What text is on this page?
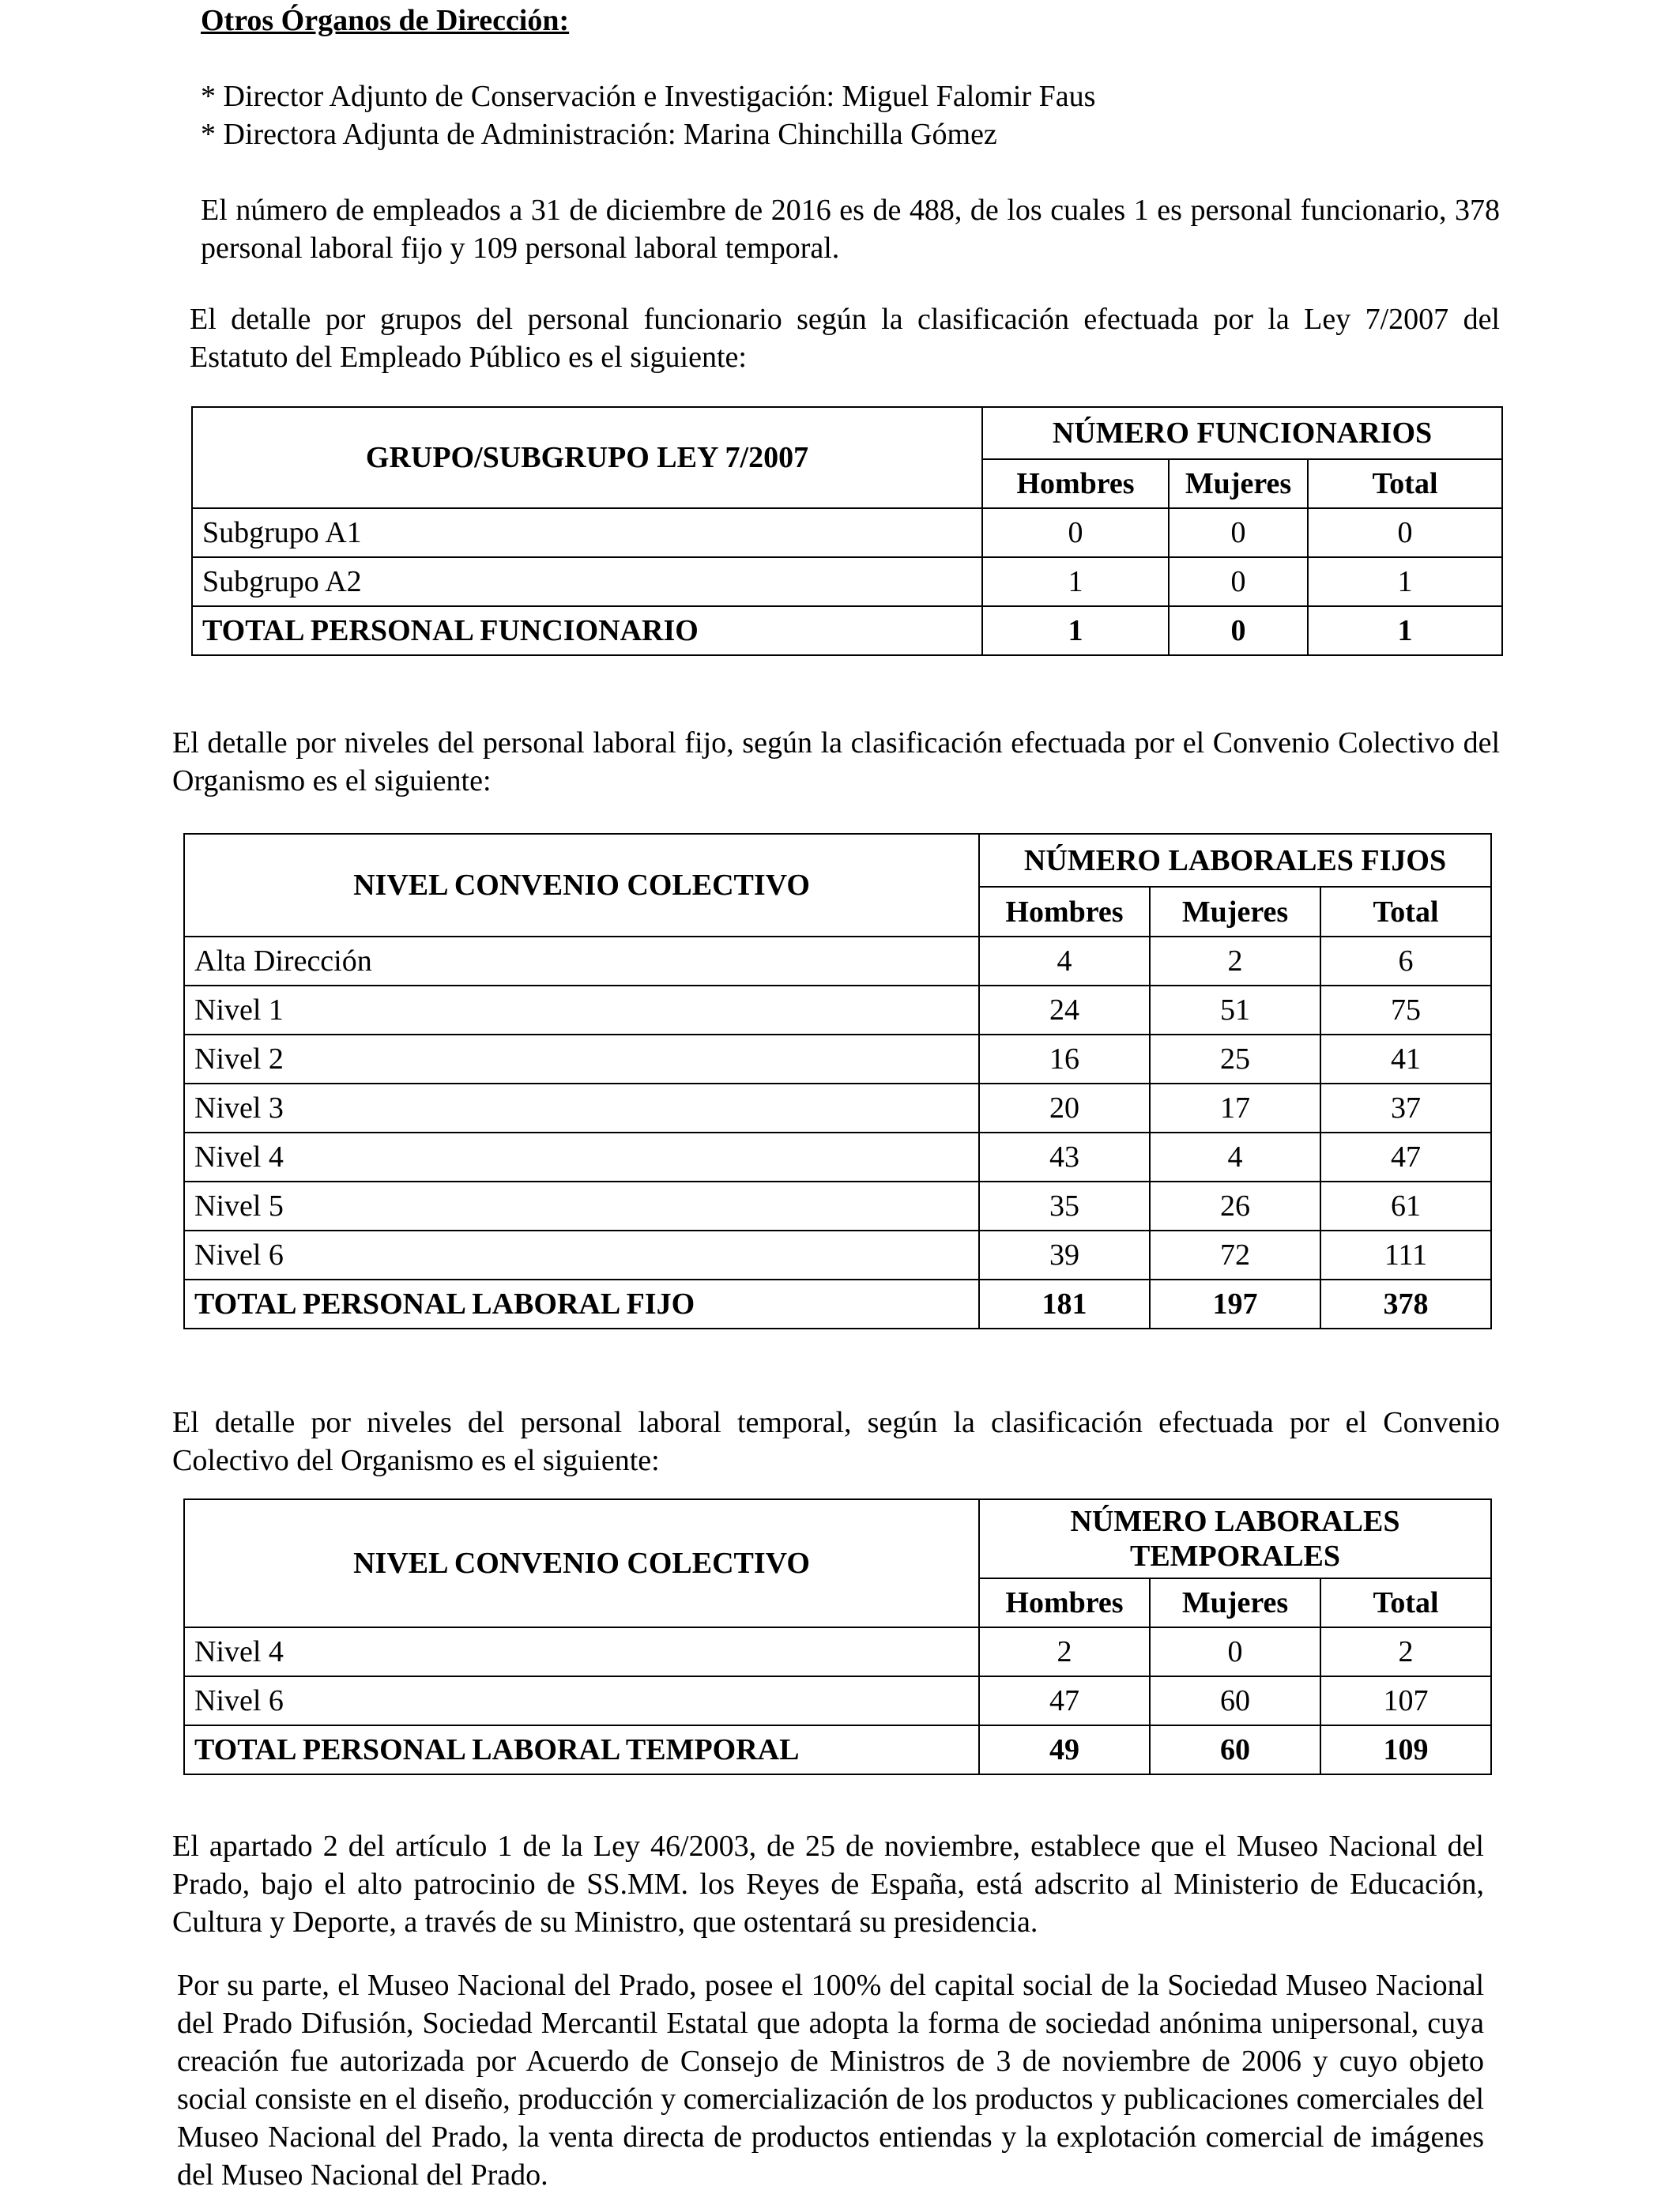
Otros Órganos de Dirección:

* Director Adjunto de Conservación e Investigación: Miguel Falomir Faus

* Directora Adjunta de Administración: Marina Chinchilla Gómez

El número de empleados a 31 de diciembre de 2016 es de 488, de los cuales 1 es personal funcionario, 378 personal laboral fijo y 109 personal laboral temporal.

El detalle por grupos del personal funcionario según la clasificación efectuada por la Ley 7/2007 del Estatuto del Empleado Público es el siguiente:

GRUPO/SUBGRUPO LEY 7/2007	NÚMERO FUNCIONARIOS		
	Hombres	Mujeres	Total
Subgrupo A1	0	0	0
Subgrupo A2	1	0	1
TOTAL PERSONAL FUNCIONARIO	1	0	1

El detalle por niveles del personal laboral fijo, según la clasificación efectuada por el Convenio Colectivo del Organismo es el siguiente:

NIVEL CONVENIO COLECTIVO	NÚMERO LABORALES FIJOS		
	Hombres	Mujeres	Total
Alta Dirección	4	2	6
Nivel 1	24	51	75
Nivel 2	16	25	41
Nivel 3	20	17	37
Nivel 4	43	4	47
Nivel 5	35	26	61
Nivel 6	39	72	111
TOTAL PERSONAL LABORAL FIJO	181	197	378

El detalle por niveles del personal laboral temporal, según la clasificación efectuada por el Convenio Colectivo del Organismo es el siguiente:

NIVEL CONVENIO COLECTIVO	NÚMERO LABORALES TEMPORALES		
	Hombres	Mujeres	Total
Nivel 4	2	0	2
Nivel 6	47	60	107
TOTAL PERSONAL LABORAL TEMPORAL	49	60	109

El apartado 2 del artículo 1 de la Ley 46/2003, de 25 de noviembre, establece que el Museo Nacional del Prado, bajo el alto patrocinio de SS.MM. los Reyes de España, está adscrito al Ministerio de Educación, Cultura y Deporte, a través de su Ministro, que ostentará su presidencia.

Por su parte, el Museo Nacional del Prado, posee el 100% del capital social de la Sociedad Museo Nacional del Prado Difusión, Sociedad Mercantil Estatal que adopta la forma de sociedad anónima unipersonal, cuya creación fue autorizada por Acuerdo de Consejo de Ministros de 3 de noviembre de 2006 y cuyo objeto social consiste en el diseño, producción y comercialización de los productos y publicaciones comerciales del Museo Nacional del Prado, la venta directa de productos entiendas y la explotación comercial de imágenes del Museo Nacional del Prado.
